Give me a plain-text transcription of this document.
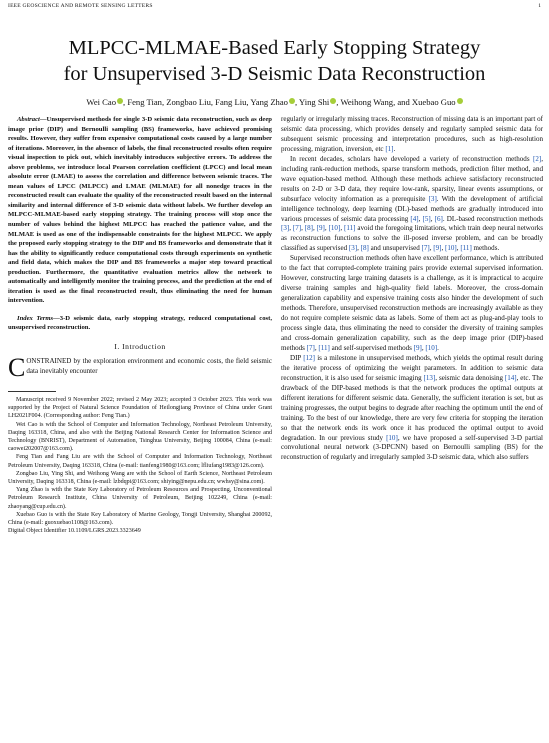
IEEE GEOSCIENCE AND REMOTE SENSING LETTERS	1
MLPCC-MLMAE-Based Early Stopping Strategy
for Unsupervised 3-D Seismic Data Reconstruction
Wei Cao , Feng Tian, Zongbao Liu, Fang Liu, Yang Zhao , Ying Shi , Weihong Wang, and Xuebao Guo
Abstract—Unsupervised methods for single 3-D seismic data reconstruction, such as deep image prior (DIP) and Bernoulli sampling (BS) frameworks, have achieved promising results. However, they suffer from expensive computational costs caused by a large number of iterations. Moreover, in the absence of labels, the final reconstructed results often require visual inspection to pick out, which inevitably introduces subjective errors. To address the above problems, we introduce local Pearson correlation coefficient (LPCC) and local mean absolute error (LMAE) to assess the correlation and difference between seismic traces. The mean values of LPCC (MLPCC) and LMAE (MLMAE) for all nonedge traces in the reconstructed result can evaluate the quality of the reconstructed result based on the internal similarity and internal difference of 3-D seismic data without labels. We further develop an MLPCC-MLMAE-based early stopping strategy. The training process will stop once the number of values behind the highest MLPCC has reached the patience value, and the MLMAE is used as one of the indispensable constraints for the highest MLPCC. We apply the proposed early stopping strategy to the DIP and BS frameworks and demonstrate that it has the ability to significantly reduce computational costs through experiments on synthetic and field data, which makes the DIP and BS frameworks a major step toward practical production. Furthermore, the quantitative evaluation metrics allow the network to automatically and intelligently monitor the training process, and the prediction at the end of iteration is used as the final reconstructed result, thus eliminating the need for human intervention.
Index Terms—3-D seismic data, early stopping strategy, reduced computational cost, unsupervised reconstruction.
I. Introduction
CONSTRAINED by the exploration environment and economic costs, the field seismic data inevitably encounter
Manuscript received 9 November 2022; revised 2 May 2023; accepted 3 October 2023. This work was supported by the Project of Natural Science Foundation of Heilongjiang Province of China under Grant LH2021F004. (Corresponding author: Feng Tian.)
Wei Cao is with the School of Computer and Information Technology, Northeast Petroleum University, Daqing 163318, China, and also with the Beijing National Research Center for Information Science and Technology (BNRIST), Department of Automation, Tsinghua University, Beijing 100084, China (e-mail: caowei202007@163.com).
Feng Tian and Fang Liu are with the School of Computer and Information Technology, Northeast Petroleum University, Daqing 163318, China (e-mail: tianfeng1980@163.com; lfliufang1983@126.com).
Zongbao Liu, Ying Shi, and Weihong Wang are with the School of Earth Science, Northeast Petroleum University, Daqing 163318, China (e-mail: lzbdqpi@163.com; shiying@nepu.edu.cn; wwhsy@sina.com).
Yang Zhao is with the State Key Laboratory of Petroleum Resources and Prospecting, Unconventional Petroleum Research Institute, China University of Petroleum, Beijing 102249, China (e-mail: zhaoyang@cup.edu.cn).
Xuebao Guo is with the State Key Laboratory of Marine Geology, Tongji University, Shanghai 200092, China (e-mail: guoxuebao1108@163.com).
Digital Object Identifier 10.1109/LGRS.2023.3323649
regularly or irregularly missing traces. Reconstruction of missing data is an important part of seismic data processing, which provides densely and regularly sampled seismic data for subsequent seismic processing and interpretation procedures, such as high-resolution processing, migration, inversion, etc [1].
In recent decades, scholars have developed a variety of reconstruction methods [2], including rank-reduction methods, sparse transform methods, prediction filter method, and wave equation-based method. Although these methods achieve satisfactory reconstructed results on 2-D or 3-D data, they require low-rank, sparsity, linear events assumptions, or subsurface velocity information as a prerequisite [3]. With the development of artificial intelligence technology, deep learning (DL)-based methods are gradually introduced into various processes of seismic data processing [4], [5], [6]. DL-based reconstruction methods [3], [7], [8], [9], [10], [11] avoid the foregoing limitations, which train deep neural networks as reconstruction functions to solve the ill-posed inverse problem, and can be broadly classified as supervised [3], [8] and unsupervised [7], [9], [10], [11] methods.
Supervised reconstruction methods often have excellent performance, which is attributed to the fact that corrupted-complete training pairs provide external supervised information. However, constructing large training datasets is a challenge, as it is impractical to acquire diverse training samples and high-quality field labels. Moreover, the cross-domain generalization capability and expensive training costs also hinder the development of such methods. Therefore, unsupervised reconstruction methods are increasingly available as they do not require complete seismic data as labels. Some of them act as plug-and-play tools to process single data, thus eliminating the need to consider the diversity of training samples and cross-domain generalization capability, such as the deep image prior (DIP)-based methods [7], [11] and self-supervised methods [9], [10].
DIP [12] is a milestone in unsupervised methods, which yields the optimal result during the iterative process of optimizing the weight parameters. In addition to seismic data reconstruction, it is also used for seismic imaging [13], seismic data denoising [14], etc. The drawback of the DIP-based methods is that the network produces the optimal outputs at different iterations for different seismic data. Generally, the sufficient iteration is set, but as training progresses, the output begins to degrade after reaching the optimum until the end of training. To the best of our knowledge, there are very few criteria for stopping the iteration so that the network ends its work once it has produced the optimal output to avoid degradation. In our previous study [10], we have proposed a self-supervised 3-D partial convolutional neural network (3-DPCNN) based on Bernoulli sampling (BS) for the reconstruction of regularly and irregularly sampled 3-D seismic data, which also suffers
